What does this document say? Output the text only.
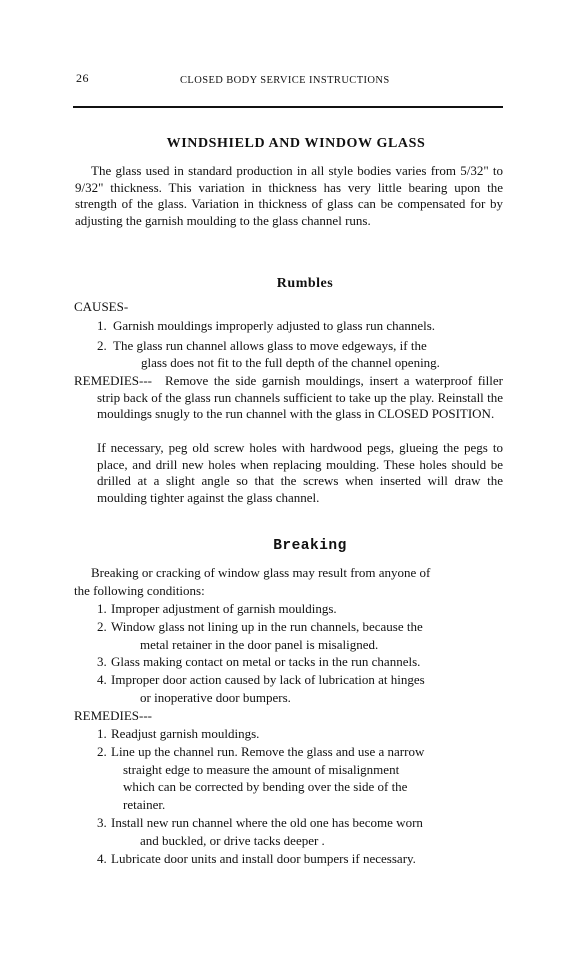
26	CLOSED BODY SERVICE INSTRUCTIONS
WINDSHIELD AND WINDOW GLASS
The glass used in standard production in all style bodies varies from 5/32" to 9/32" thickness. This variation in thickness has very little bearing upon the strength of the glass. Variation in thickness of glass can be compensated for by adjusting the garnish moulding to the glass channel runs.
Rumbles
CAUSES-
1. Garnish mouldings improperly adjusted to glass run channels.
2. The glass run channel allows glass to move edgeways, if the
glass does not fit to the full depth of the channel opening.
REMEDIES---	Remove the side garnish mouldings, insert a waterproof filler strip back of the glass run channels sufficient to take up the play. Reinstall the mouldings snugly to the run channel with the glass in CLOSED POSITION.
If necessary, peg old screw holes with hardwood pegs, glueing the pegs to place, and drill new holes when replacing moulding. These holes should be drilled at a slight angle so that the screws when inserted will draw the moulding tighter against the glass channel.
Breaking
Breaking or cracking of window glass may result from anyone of
the following conditions:
1. Improper adjustment of garnish mouldings.
2. Window glass not lining up in the run channels, because the
metal retainer in the door panel is misaligned.
3. Glass making contact on metal or tacks in the run channels.
4. Improper door action caused by lack of lubrication at hinges
or inoperative door bumpers.
REMEDIES---
1. Readjust garnish mouldings.
2. Line up the channel run. Remove the glass and use a narrow
straight edge to measure the amount of misalignment
which can be corrected by bending over the side of the
retainer.
3. Install new run channel where the old one has become worn
and buckled, or drive tacks deeper .
4. Lubricate door units and install door bumpers if necessary.
